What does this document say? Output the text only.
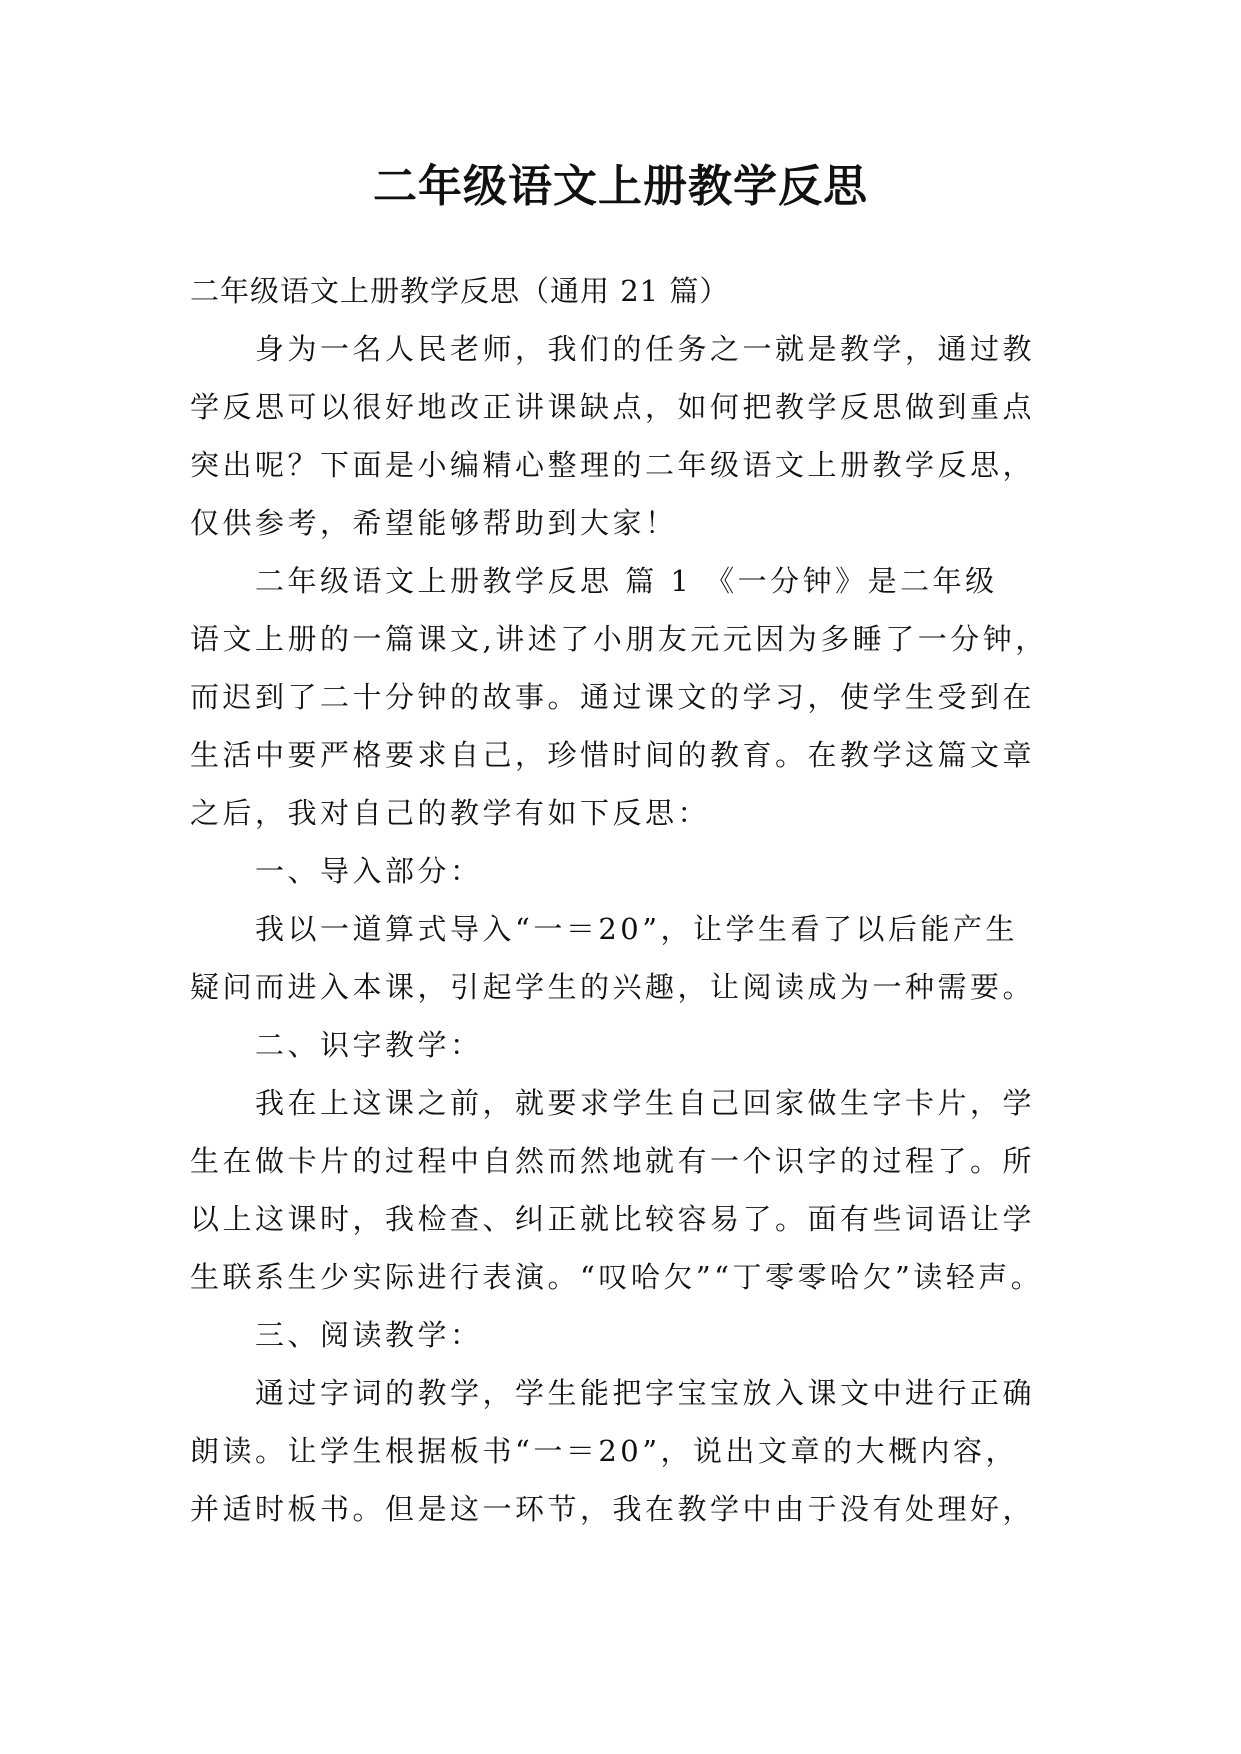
二年级语文上册教学反思
二年级语文上册教学反思（通用 21 篇）
身为一名人民老师，我们的任务之一就是教学，通过教
学反思可以很好地改正讲课缺点，如何把教学反思做到重点
突出呢？下面是小编精心整理的二年级语文上册教学反思，
仅供参考，希望能够帮助到大家！
二年级语文上册教学反思 篇 1 《一分钟》是二年级
语文上册的一篇课文,讲述了小朋友元元因为多睡了一分钟，
而迟到了二十分钟的故事。通过课文的学习，使学生受到在
生活中要严格要求自己，珍惜时间的教育。在教学这篇文章
之后，我对自己的教学有如下反思：
一、导入部分：
我以一道算式导入“一＝20”，让学生看了以后能产生
疑问而进入本课，引起学生的兴趣，让阅读成为一种需要。
二、识字教学：
我在上这课之前，就要求学生自己回家做生字卡片，学
生在做卡片的过程中自然而然地就有一个识字的过程了。所
以上这课时，我检查、纠正就比较容易了。面有些词语让学
生联系生少实际进行表演。“叹哈欠”“丁零零哈欠”读轻声。
三、阅读教学：
通过字词的教学，学生能把字宝宝放入课文中进行正确
朗读。让学生根据板书“一＝20”，说出文章的大概内容，
并适时板书。但是这一环节，我在教学中由于没有处理好，
